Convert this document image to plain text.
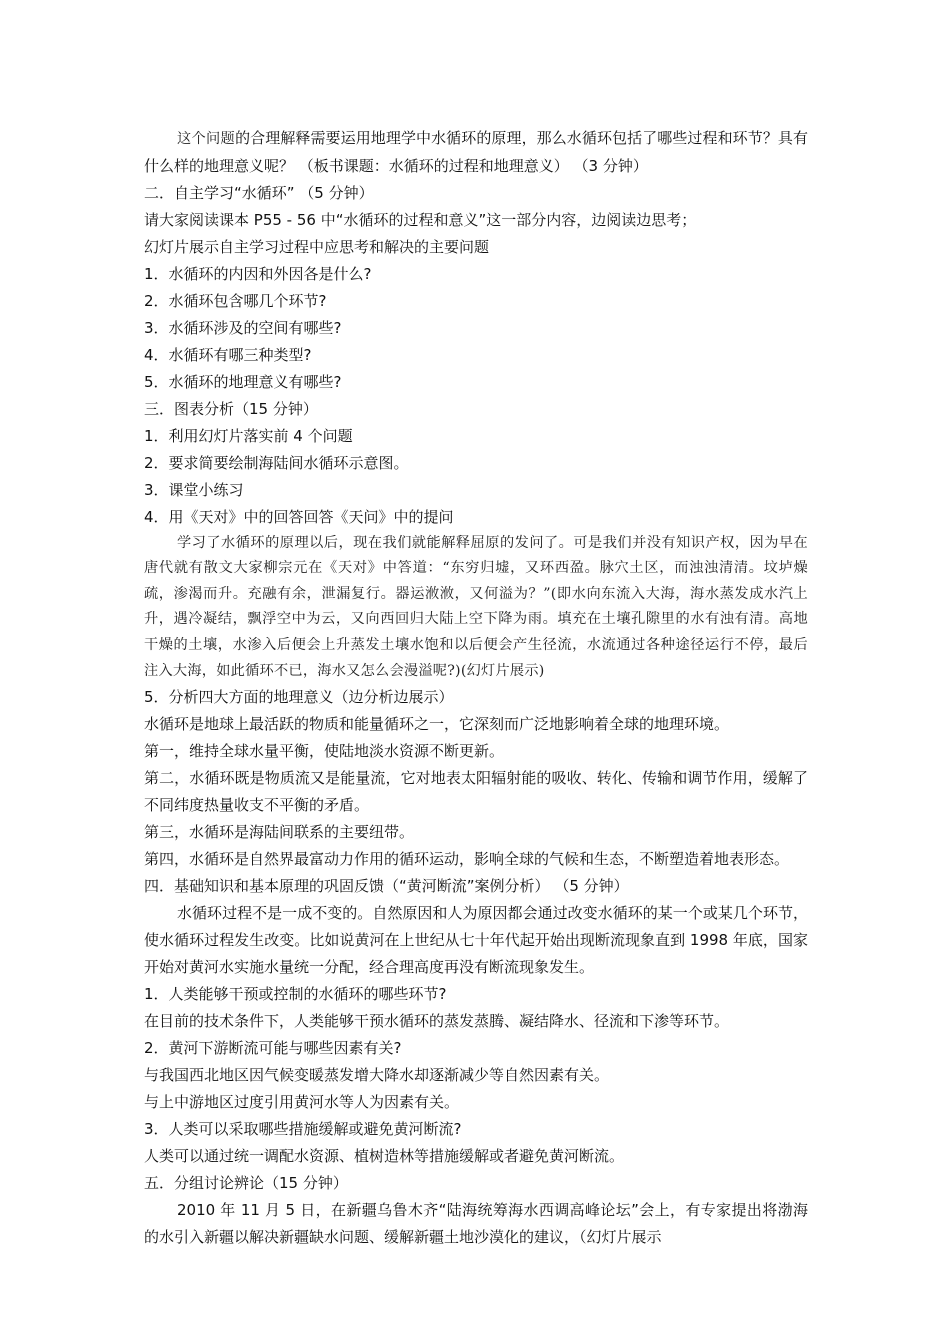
这个问题的合理解释需要运用地理学中水循环的原理，那么水循环包括了哪些过程和环节？具有什么样的地理意义呢？ （板书课题：水循环的过程和地理意义） （3 分钟）
二．自主学习“水循环” （5 分钟）
请大家阅读课本 P55 - 56 中“水循环的过程和意义”这一部分内容，边阅读边思考；
幻灯片展示自主学习过程中应思考和解决的主要问题
1．水循环的内因和外因各是什么?
2．水循环包含哪几个环节?
3．水循环涉及的空间有哪些?
4．水循环有哪三种类型?
5．水循环的地理意义有哪些?
三．图表分析（15 分钟）
1．利用幻灯片落实前 4 个问题
2．要求简要绘制海陆间水循环示意图。
3．课堂小练习
4．用《天对》中的回答回答《天问》中的提问
学习了水循环的原理以后，现在我们就能解释屈原的发问了。可是我们并没有知识产权，因为早在唐代就有散文大家柳宗元在《天对》中答道：“东穷归墟，又环西盈。脉穴土区，而浊浊清清。坟垆燥疏，渗渴而升。充融有余，泄漏复行。器运浟浟，又何溢为？”(即水向东流入大海，海水蒸发成水汽上升，遇冷凝结，飘浮空中为云，又向西回归大陆上空下降为雨。填充在土壤孔隙里的水有浊有清。高地干燥的土壤，水渗入后便会上升蒸发土壤水饱和以后便会产生径流，水流通过各种途径运行不停，最后注入大海，如此循环不已，海水又怎么会漫溢呢?)(幻灯片展示)
5．分析四大方面的地理意义（边分析边展示）
水循环是地球上最活跃的物质和能量循环之一，它深刻而广泛地影响着全球的地理环境。
第一，维持全球水量平衡，使陆地淡水资源不断更新。
第二，水循环既是物质流又是能量流，它对地表太阳辐射能的吸收、转化、传输和调节作用，缓解了不同纬度热量收支不平衡的矛盾。
第三，水循环是海陆间联系的主要纽带。
第四，水循环是自然界最富动力作用的循环运动，影响全球的气候和生态，不断塑造着地表形态。
四．基础知识和基本原理的巩固反馈（“黄河断流”案例分析） （5 分钟）
水循环过程不是一成不变的。自然原因和人为原因都会通过改变水循环的某一个或某几个环节，使水循环过程发生改变。比如说黄河在上世纪从七十年代起开始出现断流现象直到 1998 年底，国家开始对黄河水实施水量统一分配，经合理高度再没有断流现象发生。
1．人类能够干预或控制的水循环的哪些环节?
在目前的技术条件下，人类能够干预水循环的蒸发蒸腾、凝结降水、径流和下渗等环节。
2．黄河下游断流可能与哪些因素有关?
与我国西北地区因气候变暖蒸发增大降水却逐渐减少等自然因素有关。
与上中游地区过度引用黄河水等人为因素有关。
3．人类可以采取哪些措施缓解或避免黄河断流?
人类可以通过统一调配水资源、植树造林等措施缓解或者避免黄河断流。
五．分组讨论辨论（15 分钟）
2010 年 11 月 5 日，在新疆乌鲁木齐“陆海统筹海水西调高峰论坛”会上，有专家提出将渤海的水引入新疆以解决新疆缺水问题、缓解新疆土地沙漠化的建议，（幻灯片展示
